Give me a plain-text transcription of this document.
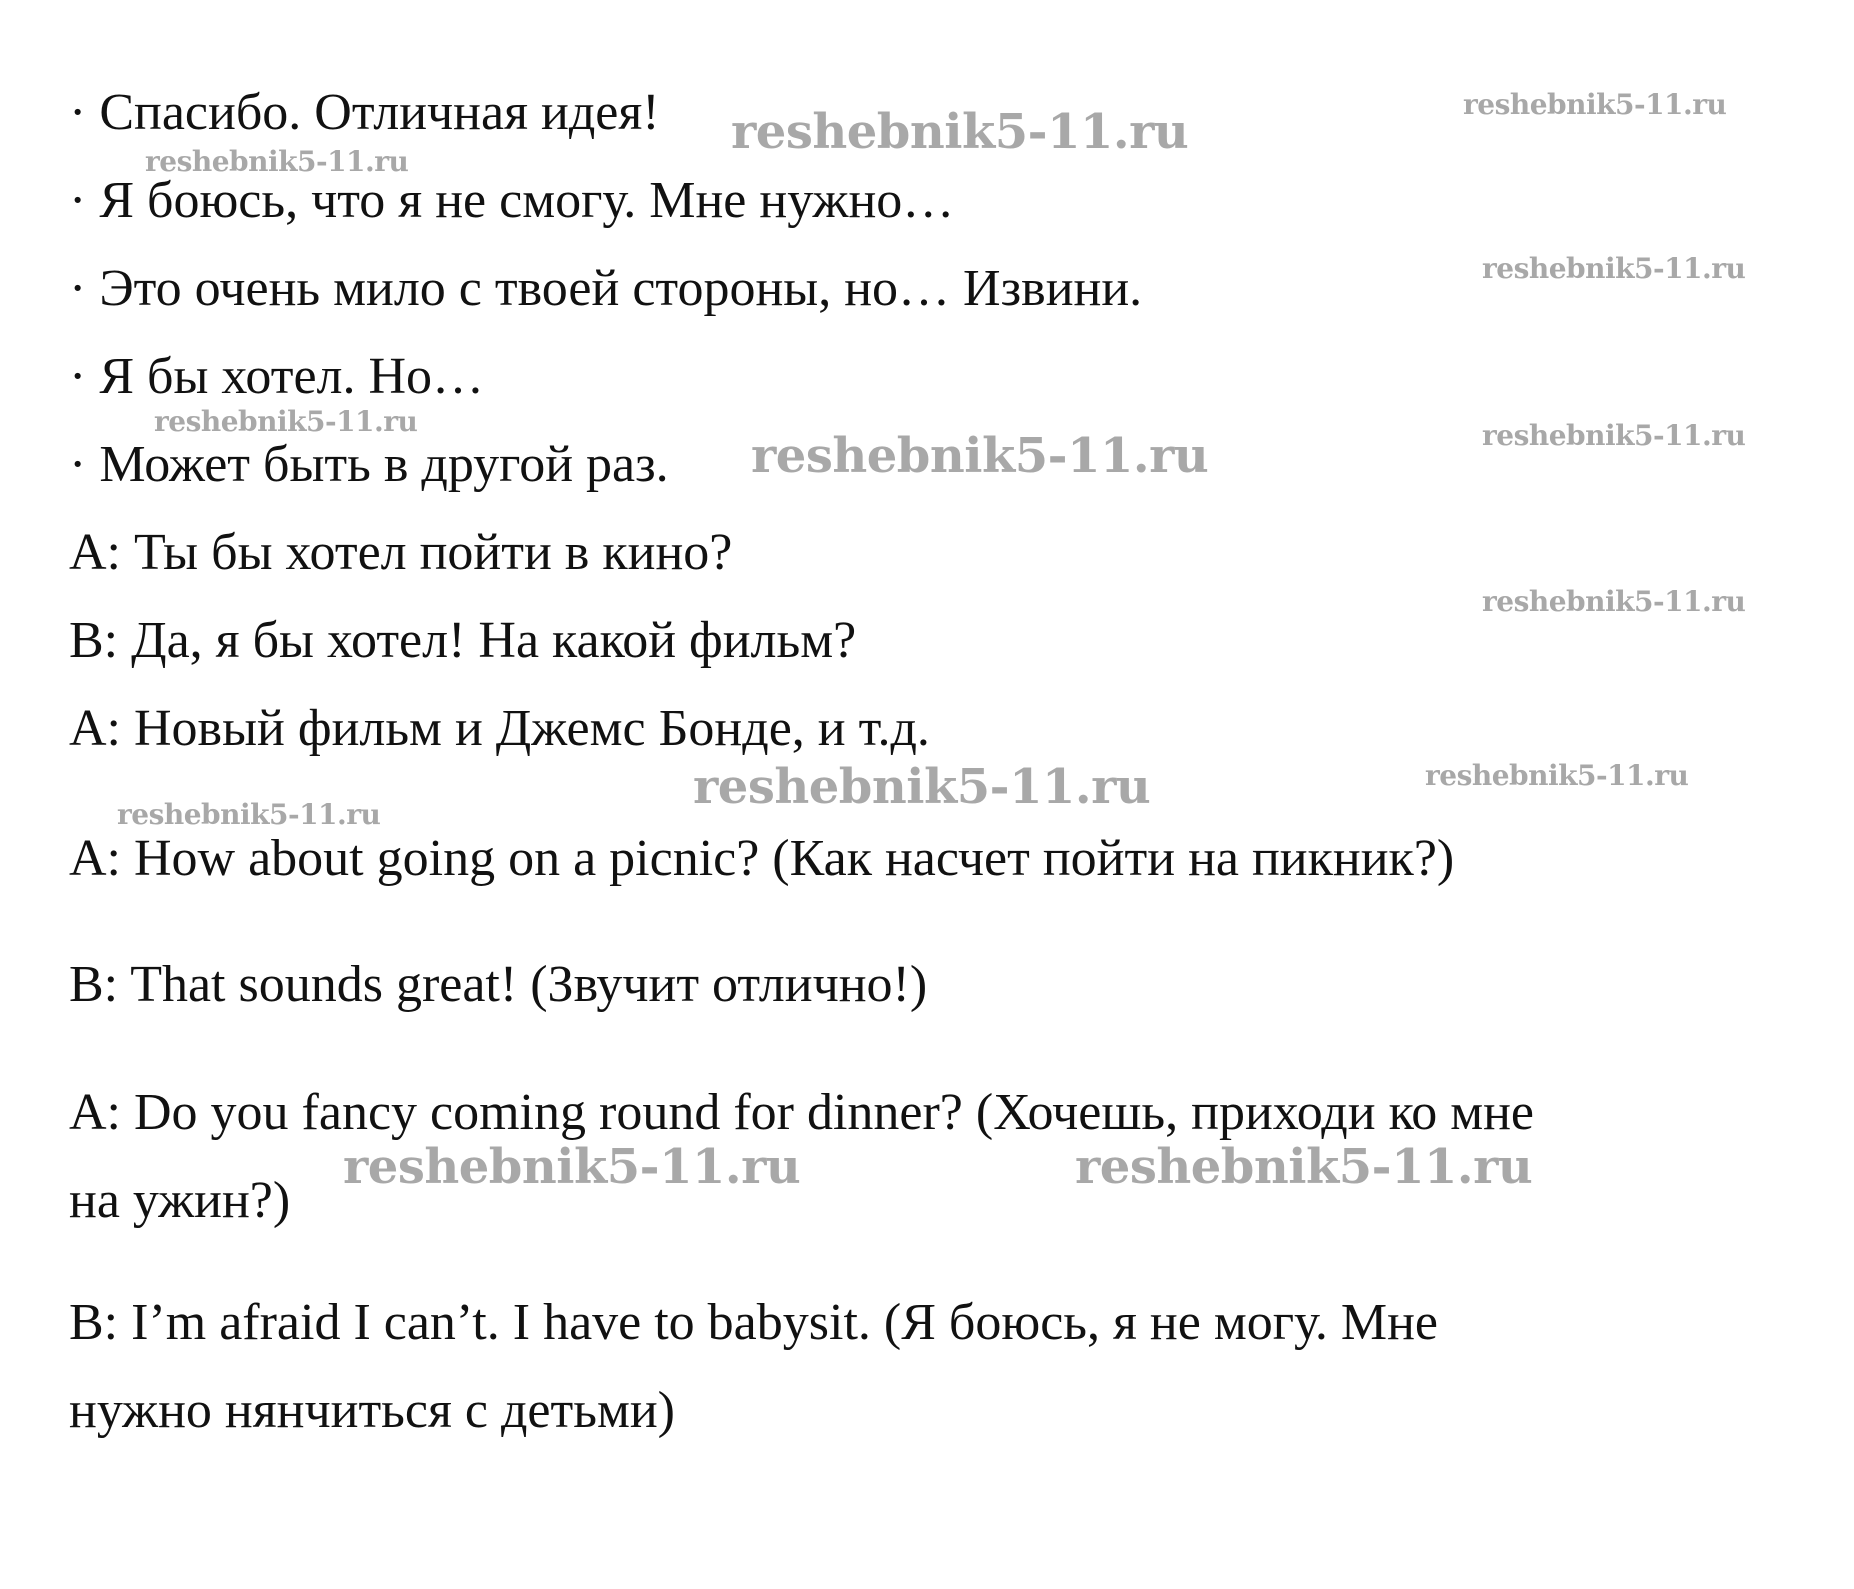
· Спасибо. Отличная идея!
· Я боюсь, что я не смогу. Мне нужно…
· Это очень мило с твоей стороны, но… Извини.
· Я бы хотел. Но…
· Может быть в другой раз.
А: Ты бы хотел пойти в кино?
В: Да, я бы хотел! На какой фильм?
А: Новый фильм и Джемс Бонде, и т.д.
A: How about going on a picnic? (Как насчет пойти на пикник?)
B: That sounds great! (Звучит отлично!)
A: Do you fancy coming round for dinner? (Хочешь, приходи ко мне
на ужин?)
B: I’m afraid I can’t. I have to babysit. (Я боюсь, я не могу. Мне
нужно нянчиться с детьми)
reshebnik5-11.ru	reshebnik5-11.ru
reshebnik5-11.ru
reshebnik5-11.ru
reshebnik5-11.ru
reshebnik5-11.ru	reshebnik5-11.ru
reshebnik5-11.ru
reshebnik5-11.ru	reshebnik5-11.ru
reshebnik5-11.ru
reshebnik5-11.ru	reshebnik5-11.ru
